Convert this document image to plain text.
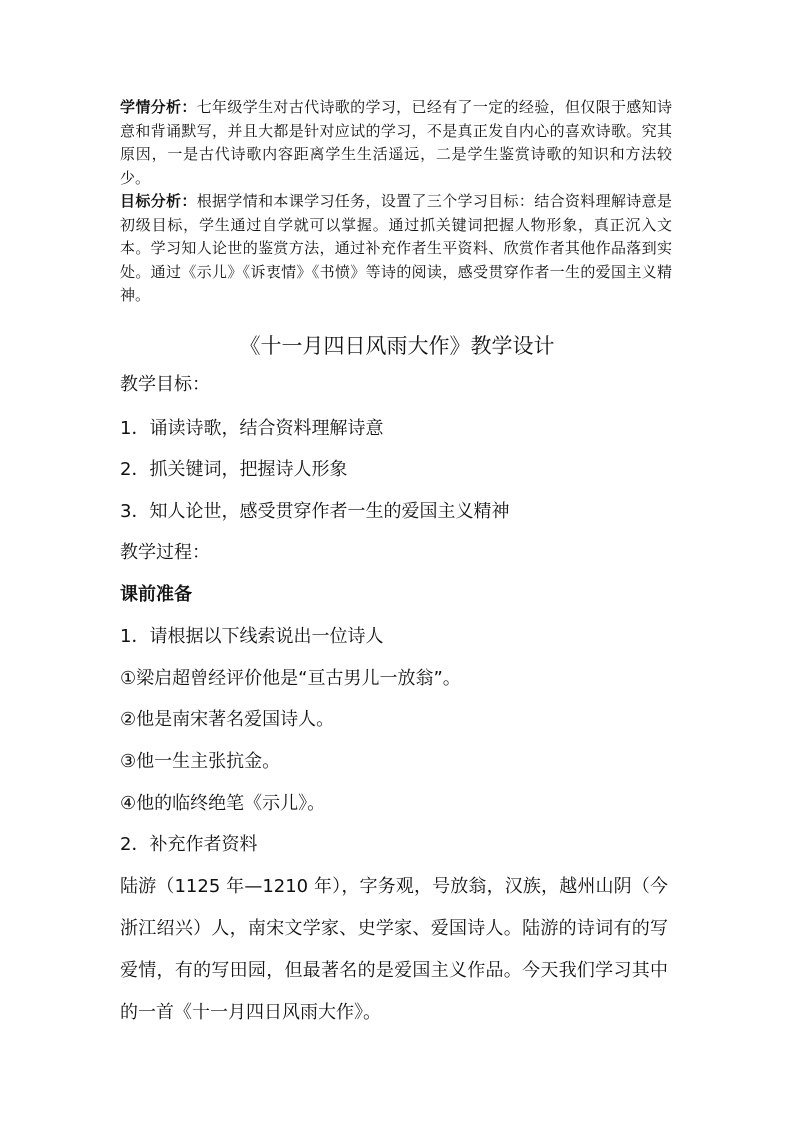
学情分析：七年级学生对古代诗歌的学习，已经有了一定的经验，但仅限于感知诗意和背诵默写，并且大都是针对应试的学习，不是真正发自内心的喜欢诗歌。究其原因，一是古代诗歌内容距离学生生活遥远，二是学生鉴赏诗歌的知识和方法较少。

目标分析：根据学情和本课学习任务，设置了三个学习目标：结合资料理解诗意是初级目标，学生通过自学就可以掌握。通过抓关键词把握人物形象，真正沉入文本。学习知人论世的鉴赏方法，通过补充作者生平资料、欣赏作者其他作品落到实处。通过《示儿》《诉衷情》《书愤》等诗的阅读，感受贯穿作者一生的爱国主义精神。

《十一月四日风雨大作》教学设计
教学目标：
1．诵读诗歌，结合资料理解诗意
2．抓关键词，把握诗人形象
3．知人论世，感受贯穿作者一生的爱国主义精神
教学过程：
课前准备
1．请根据以下线索说出一位诗人
①梁启超曾经评价他是“亘古男儿一放翁”。
②他是南宋著名爱国诗人。
③他一生主张抗金。
④他的临终绝笔《示儿》。
2．补充作者资料
陆游（1125 年—1210 年），字务观，号放翁，汉族，越州山阴（今浙江绍兴）人，南宋文学家、史学家、爱国诗人。陆游的诗词有的写爱情，有的写田园，但最著名的是爱国主义作品。今天我们学习其中的一首《十一月四日风雨大作》。
